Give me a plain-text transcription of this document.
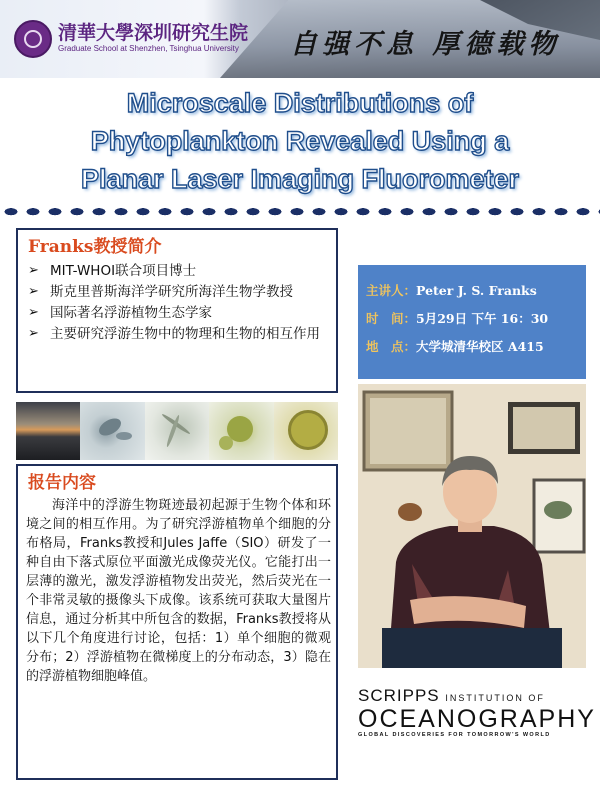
清華大學深圳研究生院
Graduate School at Shenzhen, Tsinghua University 自强不息 厚德载物
Microscale Distributions of
Phytoplankton Revealed Using a
Planar Laser Imaging Fluorometer
Franks教授简介
➢ MIT-WHOI联合项目博士
➢ 斯克里普斯海洋学研究所海洋生物学教授
➢ 国际著名浮游植物生态学家
➢ 主要研究浮游生物中的物理和生物的相互作用
报告内容
海洋中的浮游生物斑迹最初起源于生物个体和环境之间的相互作用。为了研究浮游植物单个细胞的分布格局，Franks教授和Jules Jaffe（SIO）研发了一种自由下落式原位平面激光成像荧光仪。它能打出一层薄的激光，激发浮游植物发出荧光，然后荧光在一个非常灵敏的摄像头下成像。该系统可获取大量图片信息，通过分析其中所包含的数据，Franks教授将从以下几个角度进行讨论，包括：1）单个细胞的微观分布；2）浮游植物在微梯度上的分布动态，3）隐在的浮游植物细胞峰值。
主讲人：Peter J. S. Franks
时　间：5月29日 下午 16：30
地　点：大学城清华校区 A415
SCRIPPS INSTITUTION OF
OCEANOGRAPHY
GLOBAL DISCOVERIES FOR TOMORROW'S WORLD
